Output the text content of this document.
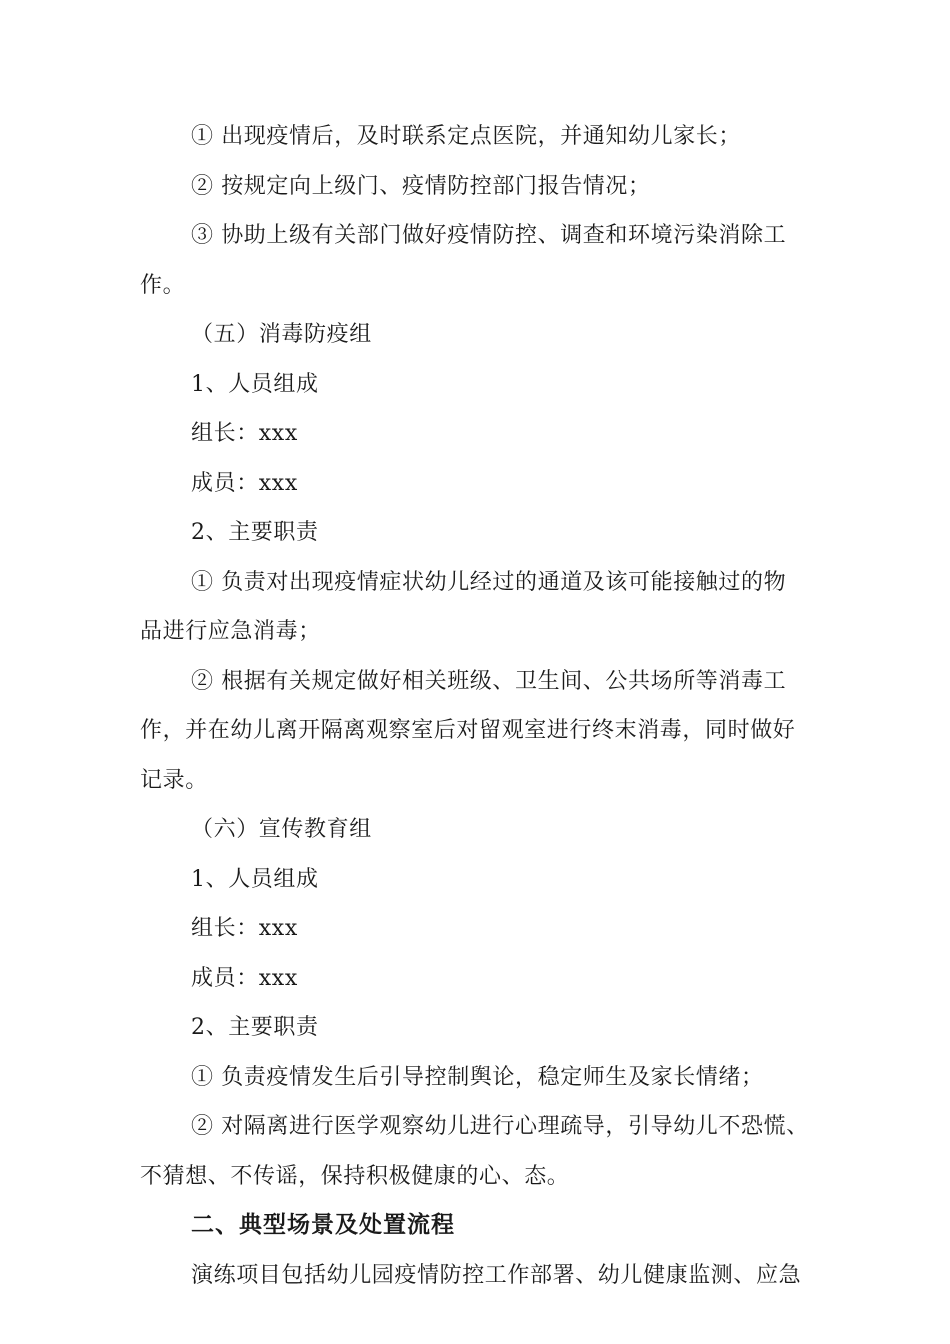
① 出现疫情后，及时联系定点医院，并通知幼儿家长；

② 按规定向上级门、疫情防控部门报告情况；

③ 协助上级有关部门做好疫情防控、调查和环境污染消除工

作。

（五）消毒防疫组

1、人员组成

组长：xxx

成员：xxx

2、主要职责

① 负责对出现疫情症状幼儿经过的通道及该可能接触过的物

品进行应急消毒；

② 根据有关规定做好相关班级、卫生间、公共场所等消毒工

作，并在幼儿离开隔离观察室后对留观室进行终末消毒，同时做好

记录。

（六）宣传教育组

1、人员组成

组长：xxx

成员：xxx

2、主要职责

① 负责疫情发生后引导控制舆论，稳定师生及家长情绪；

② 对隔离进行医学观察幼儿进行心理疏导，引导幼儿不恐慌、

不猜想、不传谣，保持积极健康的心、态。

二、典型场景及处置流程

演练项目包括幼儿园疫情防控工作部署、幼儿健康监测、应急
